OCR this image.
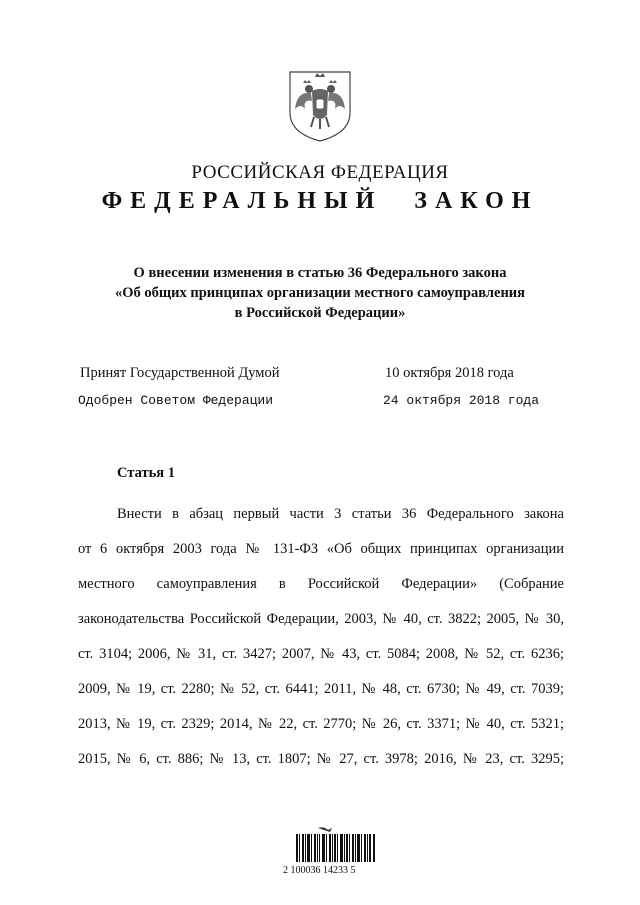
РОССИЙСКАЯ ФЕДЕРАЦИЯ
ФЕДЕРАЛЬНЫЙ ЗАКОН
О внесении изменения в статью 36 Федерального закона
«Об общих принципах организации местного самоуправления
в Российской Федерации»
Принят Государственной Думой	10 октября 2018 года
Одобрен Советом Федерации	24 октября 2018 года
Статья 1
Внести в абзац первый части 3 статьи 36 Федерального закона
от 6 октября 2003 года № 131-ФЗ «Об общих принципах организации
местного самоуправления в Российской Федерации» (Собрание
законодательства Российской Федерации, 2003, № 40, ст. 3822; 2005, № 30,
ст. 3104; 2006, № 31, ст. 3427; 2007, № 43, ст. 5084; 2008, № 52, ст. 6236;
2009, № 19, ст. 2280; № 52, ст. 6441; 2011, № 48, ст. 6730; № 49, ст. 7039;
2013, № 19, ст. 2329; 2014, № 22, ст. 2770; № 26, ст. 3371; № 40, ст. 5321;
2015, № 6, ст. 886; № 13, ст. 1807; № 27, ст. 3978; 2016, № 23, ст. 3295;
2 100036 14233 5
